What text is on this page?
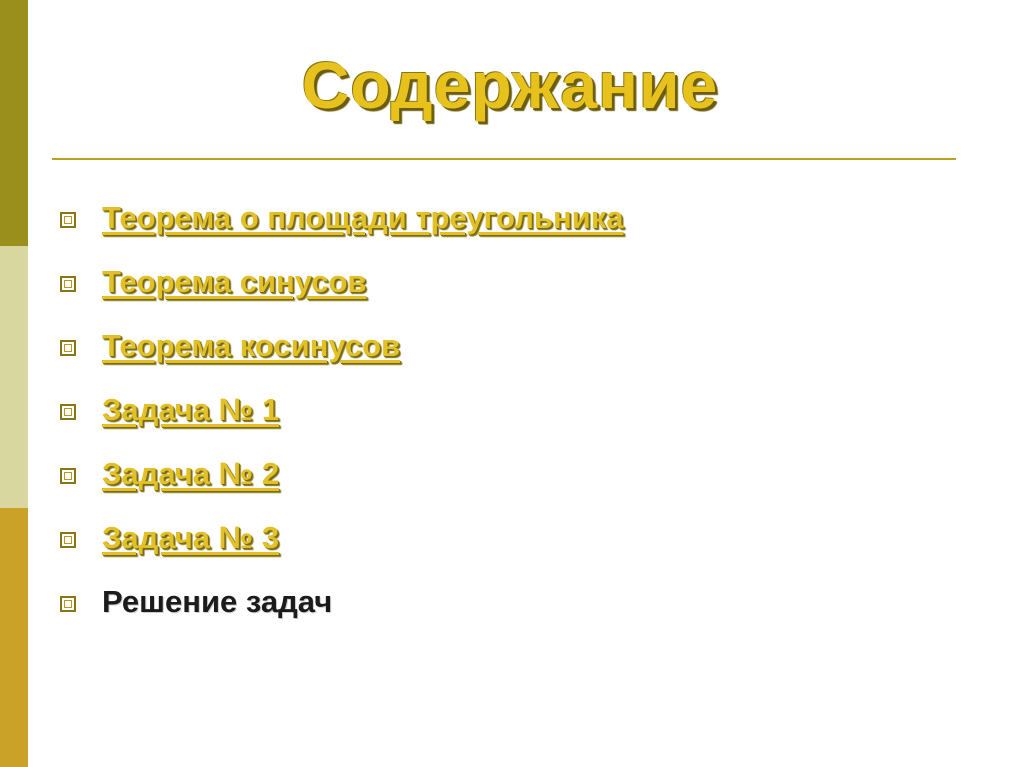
Содержание
Теорема о площади треугольника
Теорема синусов
Теорема косинусов
Задача № 1
Задача № 2
Задача № 3
Решение задач
